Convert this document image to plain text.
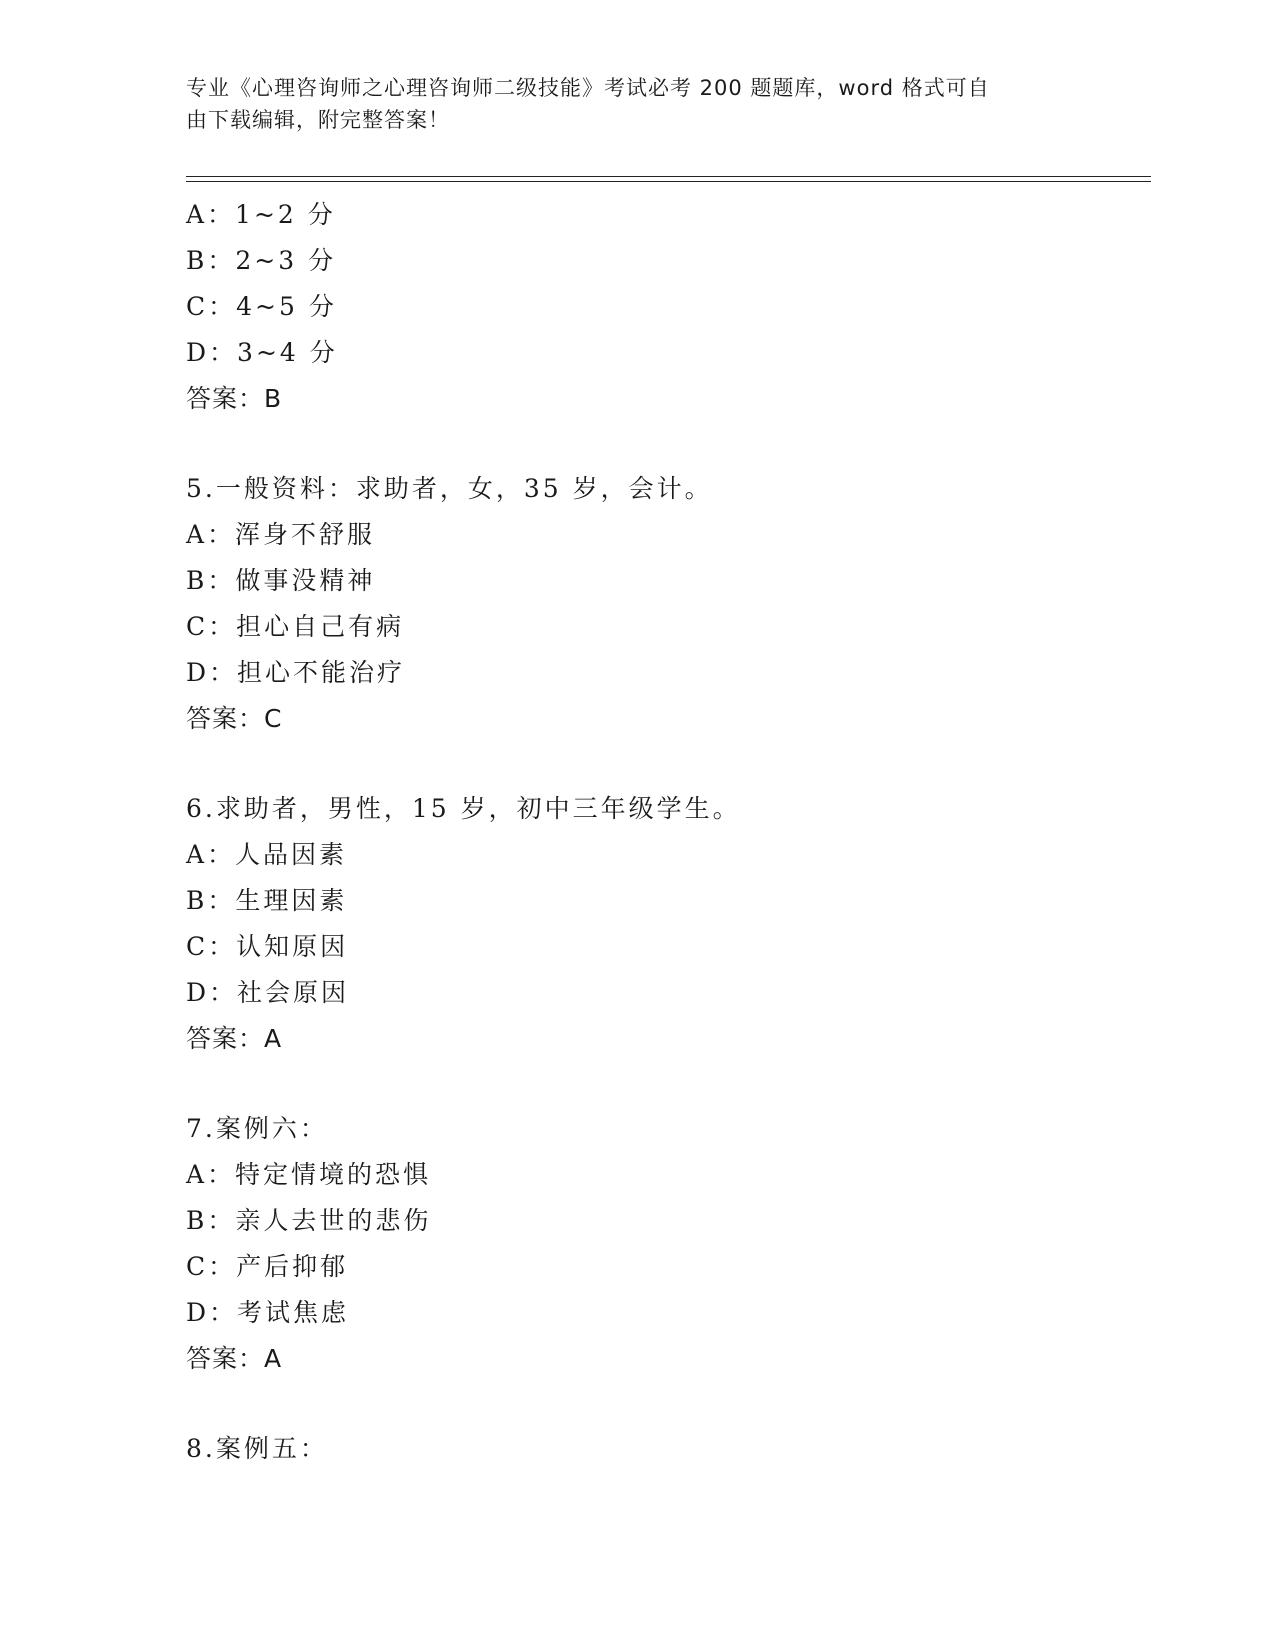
专业《心理咨询师之心理咨询师二级技能》考试必考 200 题题库，word 格式可自
由下载编辑，附完整答案！
A：1~2 分
B：2~3 分
C：4~5 分
D：3~4 分
答案：B
5.一般资料：求助者，女，35 岁，会计。
A：浑身不舒服
B：做事没精神
C：担心自己有病
D：担心不能治疗
答案：C
6.求助者，男性，15 岁，初中三年级学生。
A：人品因素
B：生理因素
C：认知原因
D：社会原因
答案：A
7.案例六：
A：特定情境的恐惧
B：亲人去世的悲伤
C：产后抑郁
D：考试焦虑
答案：A
8.案例五：
